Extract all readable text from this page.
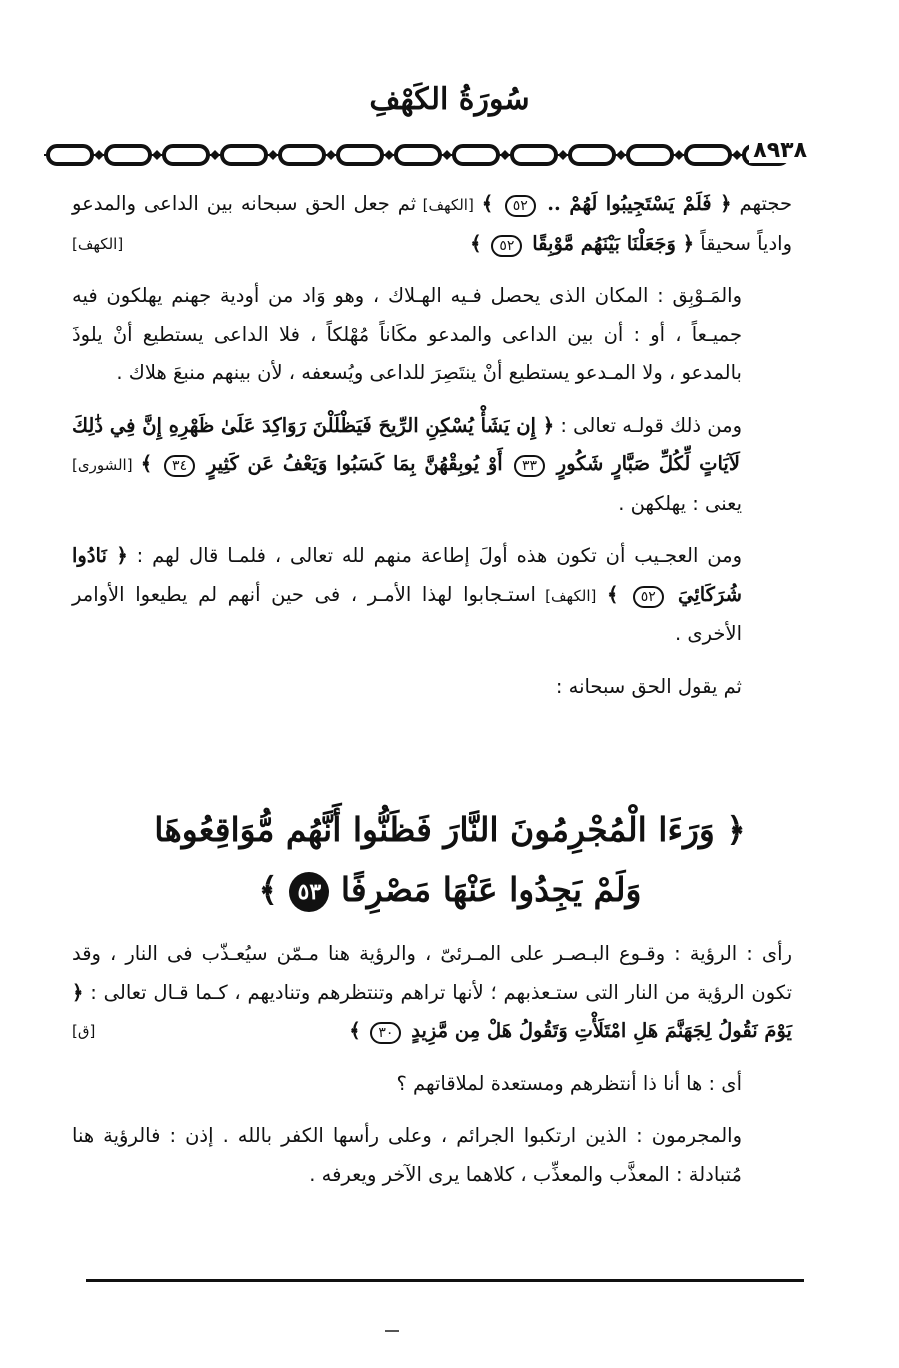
سُورَةُ الكَهْفِ
٨٩٣٨

حجتهم ﴿ فَلَمْ يَسْتَجِيبُوا لَهُمْ .. ٥٢ ﴾ [الكهف] ثم جعل الحق سبحانه بين الداعى والمدعو وادياً سحيقاً ﴿ وَجَعَلْنَا بَيْنَهُم مَّوْبِقًا ٥٢ ﴾
[الكهف]

والمَـوْبِق : المكان الذى يحصل فـيه الهـلاك ، وهو وَاد من أودية جهنم يهلكون فيه جميـعاً ، أو : أن بين الداعى والمدعو مكَاناً مُهْلكاً ، فلا الداعى يستطيع أنْ يلوذَ بالمدعو ، ولا المـدعو يستطيع أنْ ينتَصِرَ للداعى ويُسعفه ، لأن بينهم منبعَ هلاك .

ومن ذلك قولـه تعالى : ﴿ إِن يَشَأْ يُسْكِنِ الرِّيحَ فَيَظْلَلْنَ رَوَاكِدَ عَلَىٰ ظَهْرِهِ إِنَّ فِي ذَٰلِكَ لَآيَاتٍ لِّكُلِّ صَبَّارٍ شَكُورٍ ٣٣ أَوْ يُوبِقْهُنَّ بِمَا كَسَبُوا وَيَعْفُ عَن كَثِيرٍ ٣٤ ﴾ [الشورى] يعنى : يهلكهن .

ومن العجـيب أن تكون هذه أولَ إطاعة منهم لله تعالى ، فلمـا قال لهم : ﴿ نَادُوا شُرَكَائِيَ ٥٢ ﴾ [الكهف] استـجابوا لهذا الأمـر ، فى حين أنهم لم يطيعوا الأوامر الأخرى .

ثم يقول الحق سبحانه :

﴿ وَرَءَا الْمُجْرِمُونَ النَّارَ فَظَنُّوا أَنَّهُم مُّوَاقِعُوهَا
وَلَمْ يَجِدُوا عَنْهَا مَصْرِفًا ٥٣ ﴾

رأى : الرؤية : وقـوع البـصـر على المـرئىّ ، والرؤية هنا مـمّن سيُعـذّب فى النار ، وقد تكون الرؤية من النار التى ستـعذبهم ؛ لأنها تراهم وتنتظرهم وتناديهم ، كـما قـال تعالى : ﴿ يَوْمَ نَقُولُ لِجَهَنَّمَ هَلِ امْتَلَأْتِ وَتَقُولُ هَلْ مِن مَّزِيدٍ ٣٠ ﴾
[ق]

أى : ها أنا ذا أنتظرهم ومستعدة لملاقاتهم ؟

والمجرمون : الذين ارتكبوا الجرائم ، وعلى رأسها الكفر بالله . إذن : فالرؤية هنا مُتبادلة : المعذَّب والمعذِّب ، كلاهما يرى الآخر ويعرفه .
